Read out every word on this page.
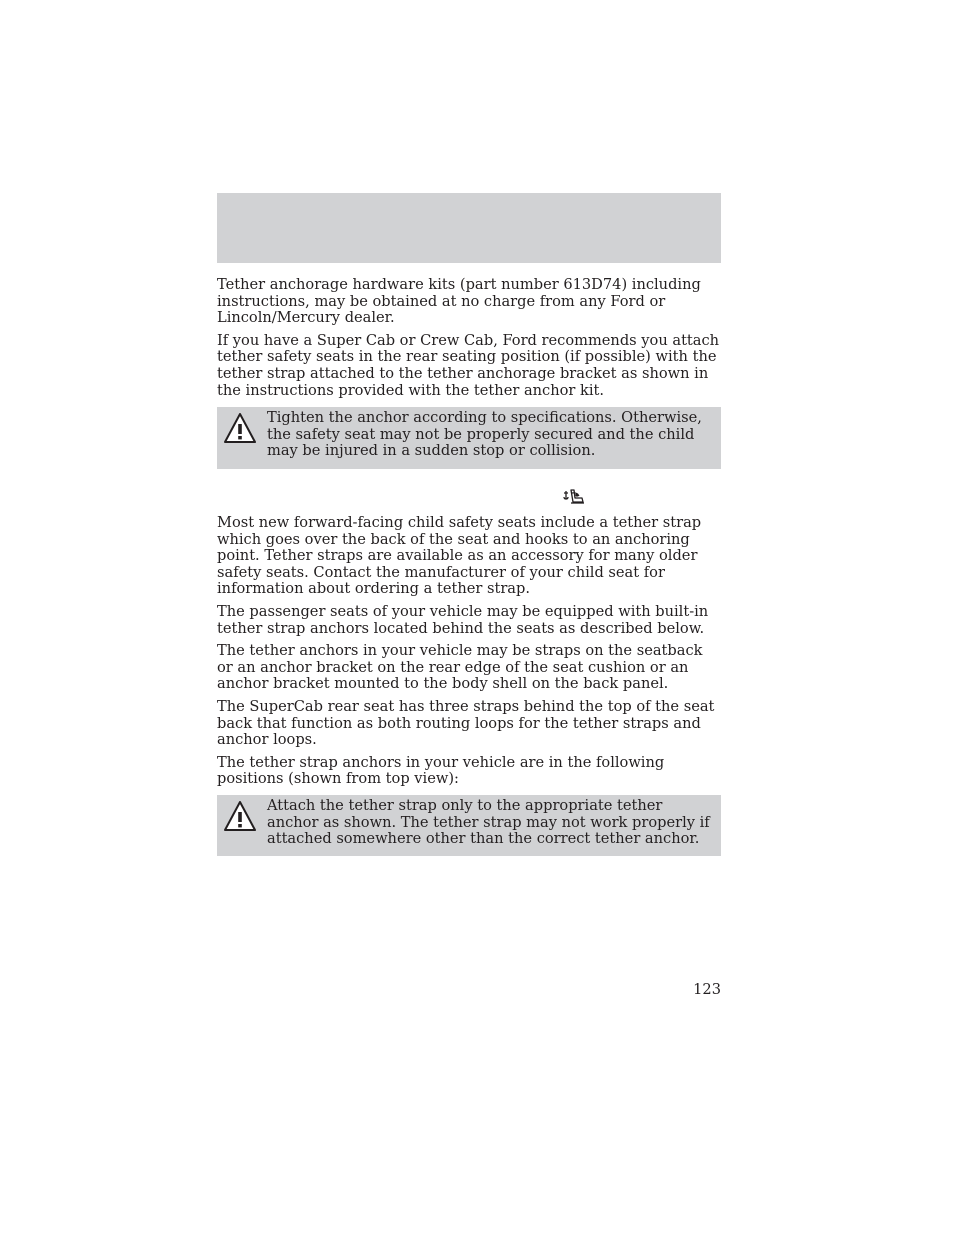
Tether anchorage hardware kits (part number 613D74) including instructions, may be obtained at no charge from any Ford or Lincoln/Mercury dealer.

If you have a Super Cab or Crew Cab, Ford recommends you attach tether safety seats in the rear seating position (if possible) with the tether strap attached to the tether anchorage bracket as shown in the instructions provided with the tether anchor kit.

Tighten the anchor according to specifications. Otherwise, the safety seat may not be properly secured and the child may be injured in a sudden stop or collision.

Most new forward-facing child safety seats include a tether strap which goes over the back of the seat and hooks to an anchoring point. Tether straps are available as an accessory for many older safety seats. Contact the manufacturer of your child seat for information about ordering a tether strap.

The passenger seats of your vehicle may be equipped with built-in tether strap anchors located behind the seats as described below.

The tether anchors in your vehicle may be straps on the seatback or an anchor bracket on the rear edge of the seat cushion or an anchor bracket mounted to the body shell on the back panel.

The SuperCab rear seat has three straps behind the top of the seat back that function as both routing loops for the tether straps and anchor loops.

The tether strap anchors in your vehicle are in the following positions (shown from top view):

Attach the tether strap only to the appropriate tether anchor as shown. The tether strap may not work properly if attached somewhere other than the correct tether anchor.
123
